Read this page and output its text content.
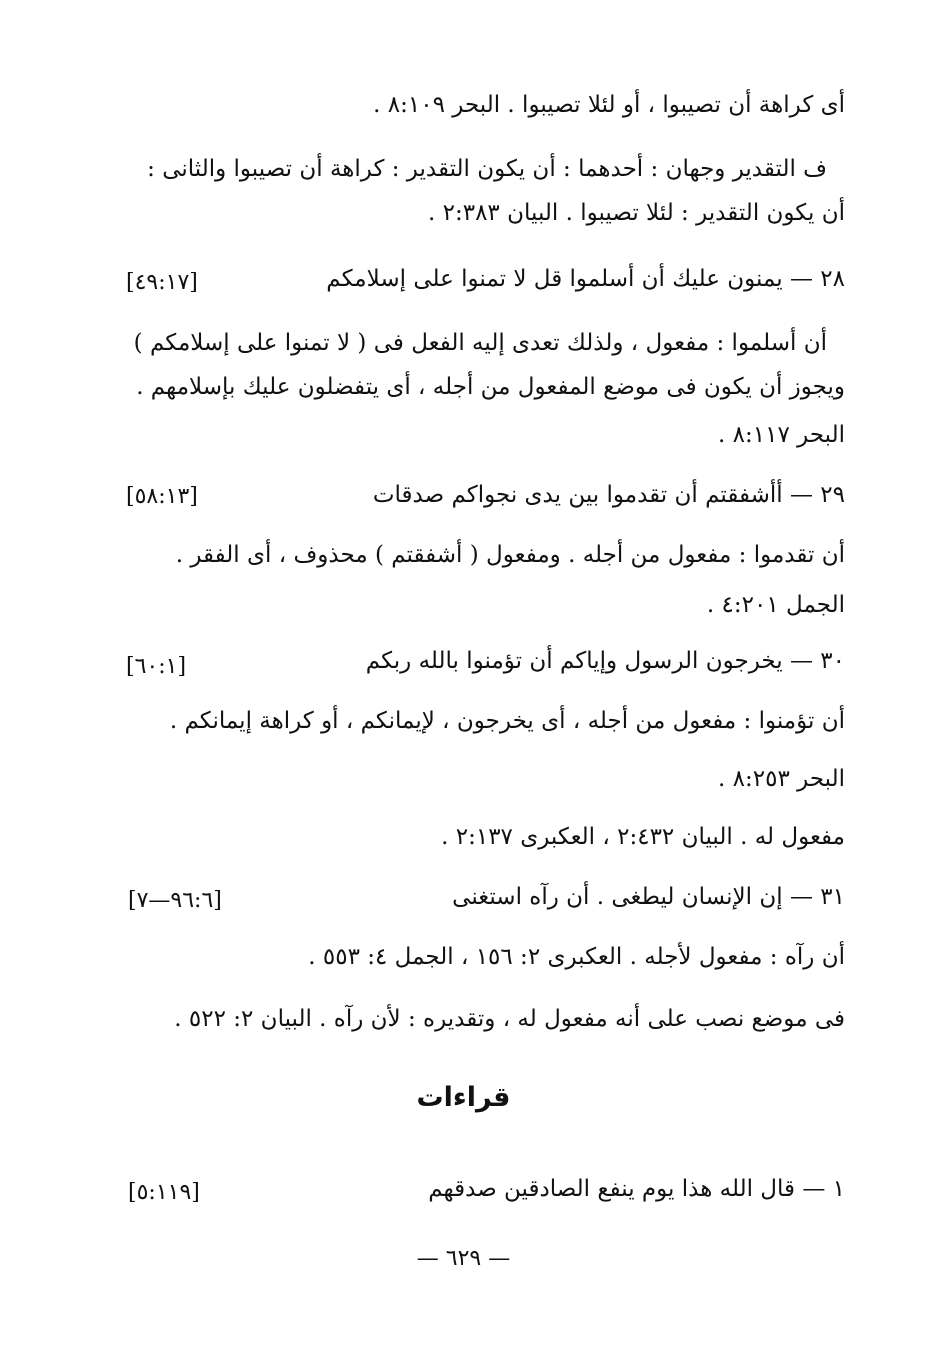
أى كراهة أن تصيبوا ، أو لئلا تصيبوا . البحر ٨:١٠٩ .
ف التقدير وجهان : أحدهما : أن يكون التقدير : كراهة أن تصيبوا والثانى :
أن يكون التقدير : لئلا تصيبوا . البيان ٢:٣٨٣ .
٢٨ — يمنون عليك أن أسلموا قل لا تمنوا على إسلامكم
[٤٩:١٧]
أن أسلموا : مفعول ، ولذلك تعدى إليه الفعل فى ( لا تمنوا على إسلامكم )
ويجوز أن يكون فى موضع المفعول من أجله ، أى يتفضلون عليك بإسلامهم .
البحر ٨:١١٧ .
٢٩ — أأشفقتم أن تقدموا بين يدى نجواكم صدقات
[٥٨:١٣]
أن تقدموا : مفعول من أجله . ومفعول ( أشفقتم ) محذوف ، أى الفقر .
الجمل ٤:٢٠١ .
٣٠ — يخرجون الرسول وإياكم أن تؤمنوا بالله ربكم
[٦٠:١]
أن تؤمنوا : مفعول من أجله ، أى يخرجون ، لإيمانكم ، أو كراهة إيمانكم .
البحر ٨:٢٥٣ .
مفعول له . البيان ٢:٤٣٢ ، العكبرى ٢:١٣٧ .
٣١ — إن الإنسان ليطغى . أن رآه استغنى
[٩٦:٦—٧]
أن رآه : مفعول لأجله . العكبرى ٢: ١٥٦ ، الجمل ٤: ٥٥٣ .
فى موضع نصب على أنه مفعول له ، وتقديره : لأن رآه . البيان ٢: ٥٢٢ .
قراءات
١ — قال الله هذا يوم ينفع الصادقين صدقهم
[٥:١١٩]
— ٦٢٩ —
